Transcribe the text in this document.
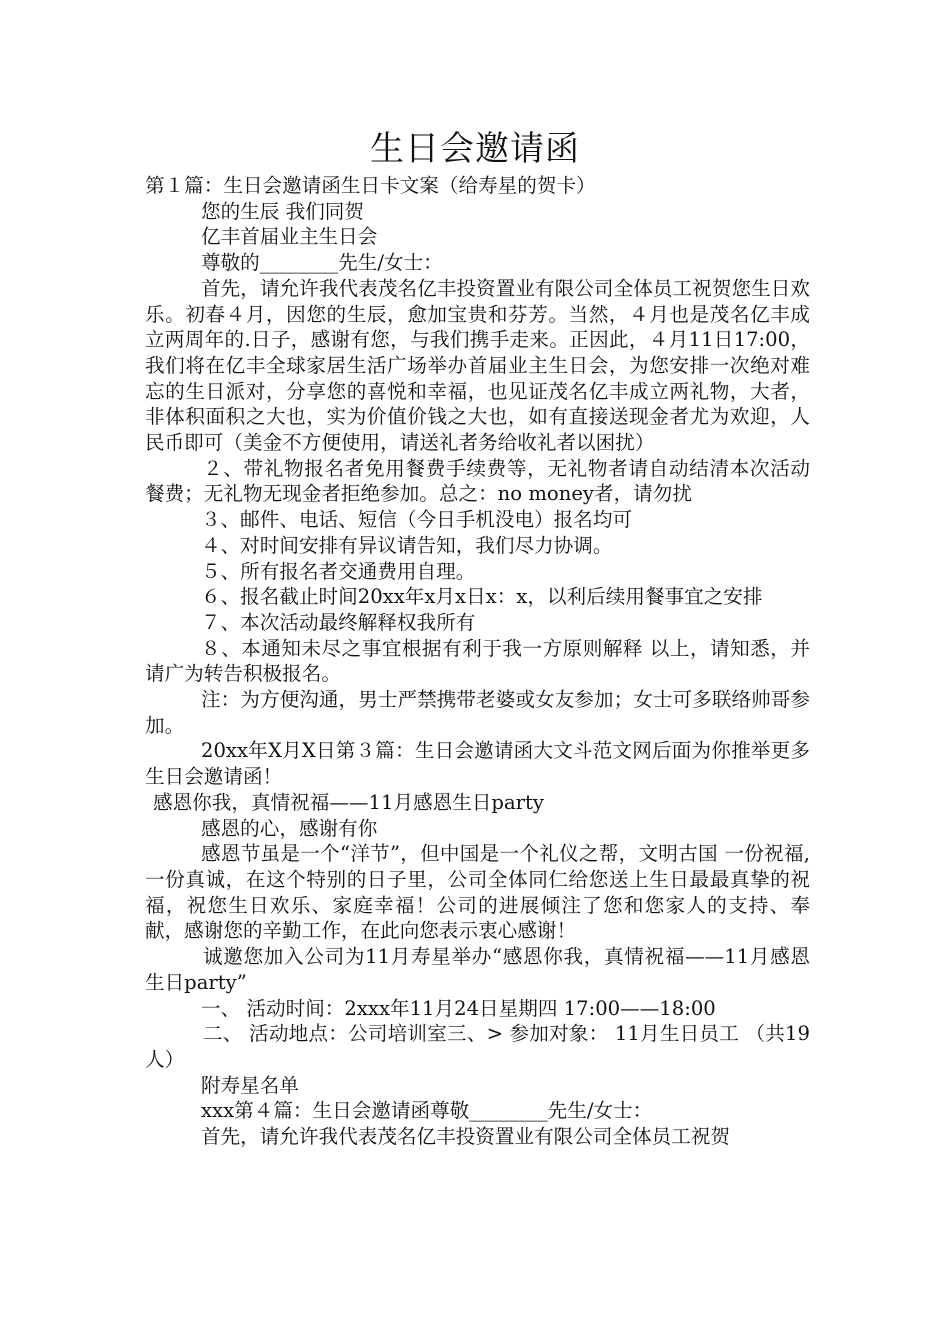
生日会邀请函

第１篇：生日会邀请函生日卡文案（给寿星的贺卡）

您的生辰 我们同贺

亿丰首届业主生日会

尊敬的________先生/女士：

首先，请允许我代表茂名亿丰投资置业有限公司全体员工祝贺您生日欢乐。初春４月，因您的生辰，愈加宝贵和芬芳。当然，４月也是茂名亿丰成立两周年的.日子，感谢有您，与我们携手走来。正因此，４月11日17:00，我们将在亿丰全球家居生活广场举办首届业主生日会，为您安排一次绝对难忘的生日派对，分享您的喜悦和幸福，也见证茂名亿丰成立两礼物，大者，非体积面积之大也，实为价值价钱之大也，如有直接送现金者尤为欢迎，人民币即可（美金不方便使用，请送礼者务给收礼者以困扰）

２、带礼物报名者免用餐费手续费等，无礼物者请自动结清本次活动餐费；无礼物无现金者拒绝参加。总之：no money者，请勿扰

３、邮件、电话、短信（今日手机没电）报名均可

４、对时间安排有异议请告知，我们尽力协调。

５、所有报名者交通费用自理。

６、报名截止时间20xx年x月x日x：x，以利后续用餐事宜之安排

７、本次活动最终解释权我所有

８、本通知未尽之事宜根据有利于我一方原则解释 以上，请知悉，并请广为转告积极报名。

注：为方便沟通，男士严禁携带老婆或女友参加；女士可多联络帅哥参加。

20xx年X月X日第３篇：生日会邀请函大文斗范文网后面为你推举更多生日会邀请函！

感恩你我，真情祝福——11月感恩生日party

感恩的心，感谢有你

感恩节虽是一个“洋节”，但中国是一个礼仪之帮，文明古国 一份祝福,一份真诚，在这个特别的日子里，公司全体同仁给您送上生日最最真挚的祝福，祝您生日欢乐、家庭幸福！公司的进展倾注了您和您家人的支持、奉献，感谢您的辛勤工作，在此向您表示衷心感谢！

诚邀您加入公司为11月寿星举办“感恩你我，真情祝福——11月感恩生日party”

一、 活动时间：2xxx年11月24日星期四 17:00——18:00

二、 活动地点：公司培训室三、> 参加对象： 11月生日员工 （共19人）

附寿星名单

xxx第４篇：生日会邀请函尊敬________先生/女士：

首先，请允许我代表茂名亿丰投资置业有限公司全体员工祝贺
